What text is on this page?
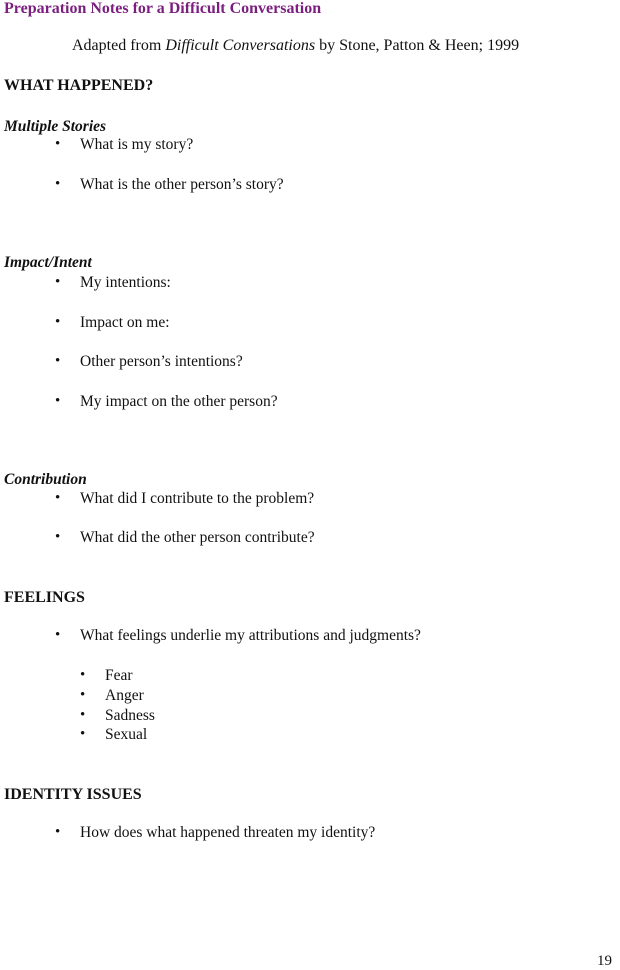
Preparation Notes for a Difficult Conversation
Adapted from Difficult Conversations by Stone, Patton & Heen; 1999
WHAT HAPPENED?
Multiple Stories
• What is my story?
• What is the other person’s story?
Impact/Intent
• My intentions:
• Impact on me:
• Other person’s intentions?
• My impact on the other person?
Contribution
• What did I contribute to the problem?
• What did the other person contribute?
FEELINGS
• What feelings underlie my attributions and judgments?
• Fear
• Anger
• Sadness
• Sexual
IDENTITY ISSUES
• How does what happened threaten my identity?
19
